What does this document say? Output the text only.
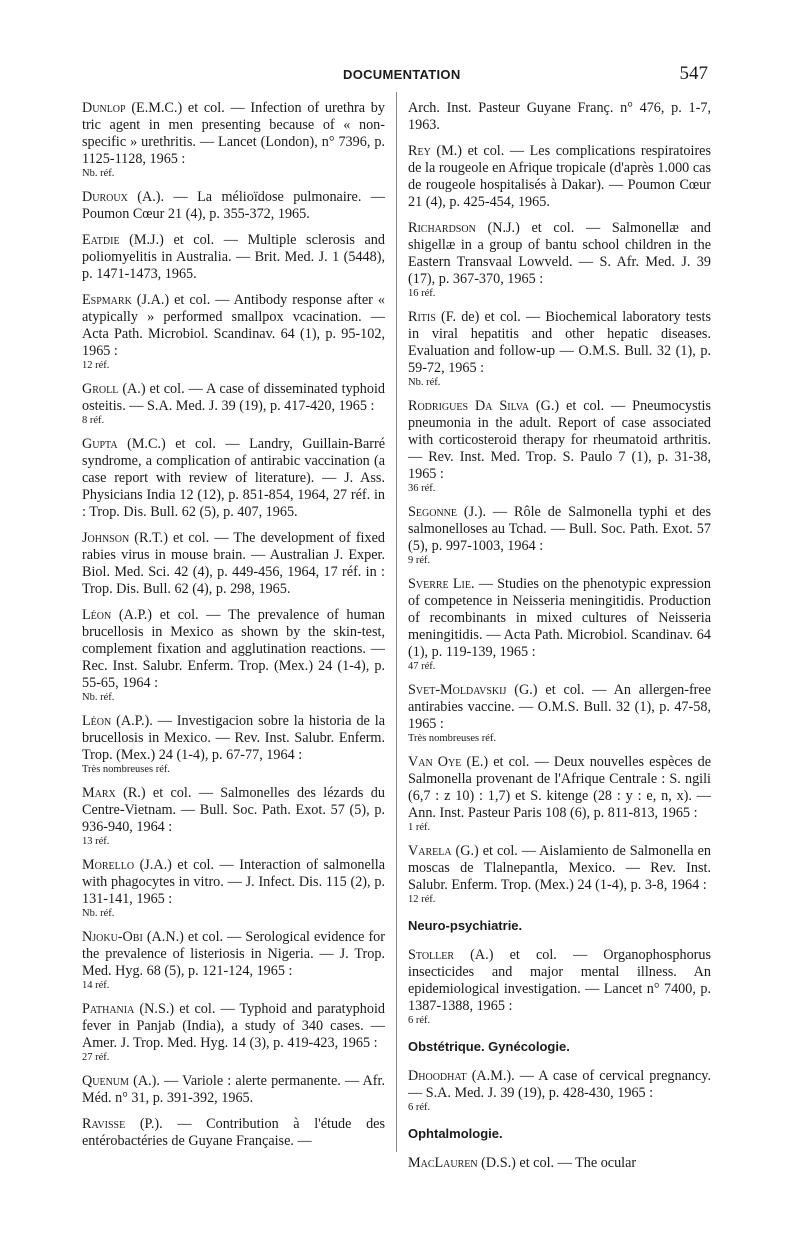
DOCUMENTATION	547

Dunlop (E.M.C.) et col. — Infection of urethra by tric agent in men presenting because of « non-specific » urethritis. — Lancet (London), n° 7396, p. 1125-1128, 1965 :

Nb. réf.

Duroux (A.). — La mélioïdose pulmonaire. — Poumon Cœur 21 (4), p. 355-372, 1965.

Eatdie (M.J.) et col. — Multiple sclerosis and poliomyelitis in Australia. — Brit. Med. J. 1 (5448), p. 1471-1473, 1965.

Espmark (J.A.) et col. — Antibody response after « atypically » performed smallpox vcacination. — Acta Path. Microbiol. Scandinav. 64 (1), p. 95-102, 1965 :

12 réf.

Groll (A.) et col. — A case of disseminated typhoid osteitis. — S.A. Med. J. 39 (19), p. 417-420, 1965 :

8 réf.

Gupta (M.C.) et col. — Landry, Guillain-Barré syndrome, a complication of antirabic vaccination (a case report with review of literature). — J. Ass. Physicians India 12 (12), p. 851-854, 1964, 27 réf. in : Trop. Dis. Bull. 62 (5), p. 407, 1965.

Johnson (R.T.) et col. — The development of fixed rabies virus in mouse brain. — Australian J. Exper. Biol. Med. Sci. 42 (4), p. 449-456, 1964, 17 réf. in : Trop. Dis. Bull. 62 (4), p. 298, 1965.

Léon (A.P.) et col. — The prevalence of human brucellosis in Mexico as shown by the skin-test, complement fixation and agglutination reactions. — Rec. Inst. Salubr. Enferm. Trop. (Mex.) 24 (1-4), p. 55-65, 1964 :

Nb. réf.

Léon (A.P.). — Investigacion sobre la historia de la brucellosis in Mexico. — Rev. Inst. Salubr. Enferm. Trop. (Mex.) 24 (1-4), p. 67-77, 1964 :

Très nombreuses réf.

Marx (R.) et col. — Salmonelles des lézards du Centre-Vietnam. — Bull. Soc. Path. Exot. 57 (5), p. 936-940, 1964 :

13 réf.

Morello (J.A.) et col. — Interaction of salmonella with phagocytes in vitro. — J. Infect. Dis. 115 (2), p. 131-141, 1965 :

Nb. réf.

Njoku-Obi (A.N.) et col. — Serological evidence for the prevalence of listeriosis in Nigeria. — J. Trop. Med. Hyg. 68 (5), p. 121-124, 1965 :

14 réf.

Pathania (N.S.) et col. — Typhoid and paratyphoid fever in Panjab (India), a study of 340 cases. — Amer. J. Trop. Med. Hyg. 14 (3), p. 419-423, 1965 :

27 réf.

Quenum (A.). — Variole : alerte permanente. — Afr. Méd. n° 31, p. 391-392, 1965.

Ravisse (P.). — Contribution à l'étude des entérobactéries de Guyane Française. —

Arch. Inst. Pasteur Guyane Franç. n° 476, p. 1-7, 1963.

Rey (M.) et col. — Les complications respiratoires de la rougeole en Afrique tropicale (d'après 1.000 cas de rougeole hospitalisés à Dakar). — Poumon Cœur 21 (4), p. 425-454, 1965.

Richardson (N.J.) et col. — Salmonellæ and shigellæ in a group of bantu school children in the Eastern Transvaal Lowveld. — S. Afr. Med. J. 39 (17), p. 367-370, 1965 :

16 réf.

Ritis (F. de) et col. — Biochemical laboratory tests in viral hepatitis and other hepatic diseases. Evaluation and follow-up — O.M.S. Bull. 32 (1), p. 59-72, 1965 :

Nb. réf.

Rodrigues Da Silva (G.) et col. — Pneumocystis pneumonia in the adult. Report of case associated with corticosteroid therapy for rheumatoid arthritis. — Rev. Inst. Med. Trop. S. Paulo 7 (1), p. 31-38, 1965 :

36 réf.

Segonne (J.). — Rôle de Salmonella typhi et des salmonelloses au Tchad. — Bull. Soc. Path. Exot. 57 (5), p. 997-1003, 1964 :

9 réf.

Sverre Lie. — Studies on the phenotypic expression of competence in Neisseria meningitidis. Production of recombinants in mixed cultures of Neisseria meningitidis. — Acta Path. Microbiol. Scandinav. 64 (1), p. 119-139, 1965 :

47 réf.

Svet-Moldavskij (G.) et col. — An allergen-free antirabies vaccine. — O.M.S. Bull. 32 (1), p. 47-58, 1965 :

Très nombreuses réf.

Van Oye (E.) et col. — Deux nouvelles espèces de Salmonella provenant de l'Afrique Centrale : S. ngili (6,7 : z 10) : 1,7) et S. kitenge (28 : y : e, n, x). — Ann. Inst. Pasteur Paris 108 (6), p. 811-813, 1965 :

1 réf.

Varela (G.) et col. — Aislamiento de Salmonella en moscas de Tlalnepantla, Mexico. — Rev. Inst. Salubr. Enferm. Trop. (Mex.) 24 (1-4), p. 3-8, 1964 :

12 réf.
Neuro-psychiatrie.

Stoller (A.) et col. — Organophosphorus insecticides and major mental illness. An epidemiological investigation. — Lancet n° 7400, p. 1387-1388, 1965 :

6 réf.
Obstétrique. Gynécologie.

Dhoodhat (A.M.). — A case of cervical pregnancy. — S.A. Med. J. 39 (19), p. 428-430, 1965 :

6 réf.
Ophtalmologie.

MacLauren (D.S.) et col. — The ocular
